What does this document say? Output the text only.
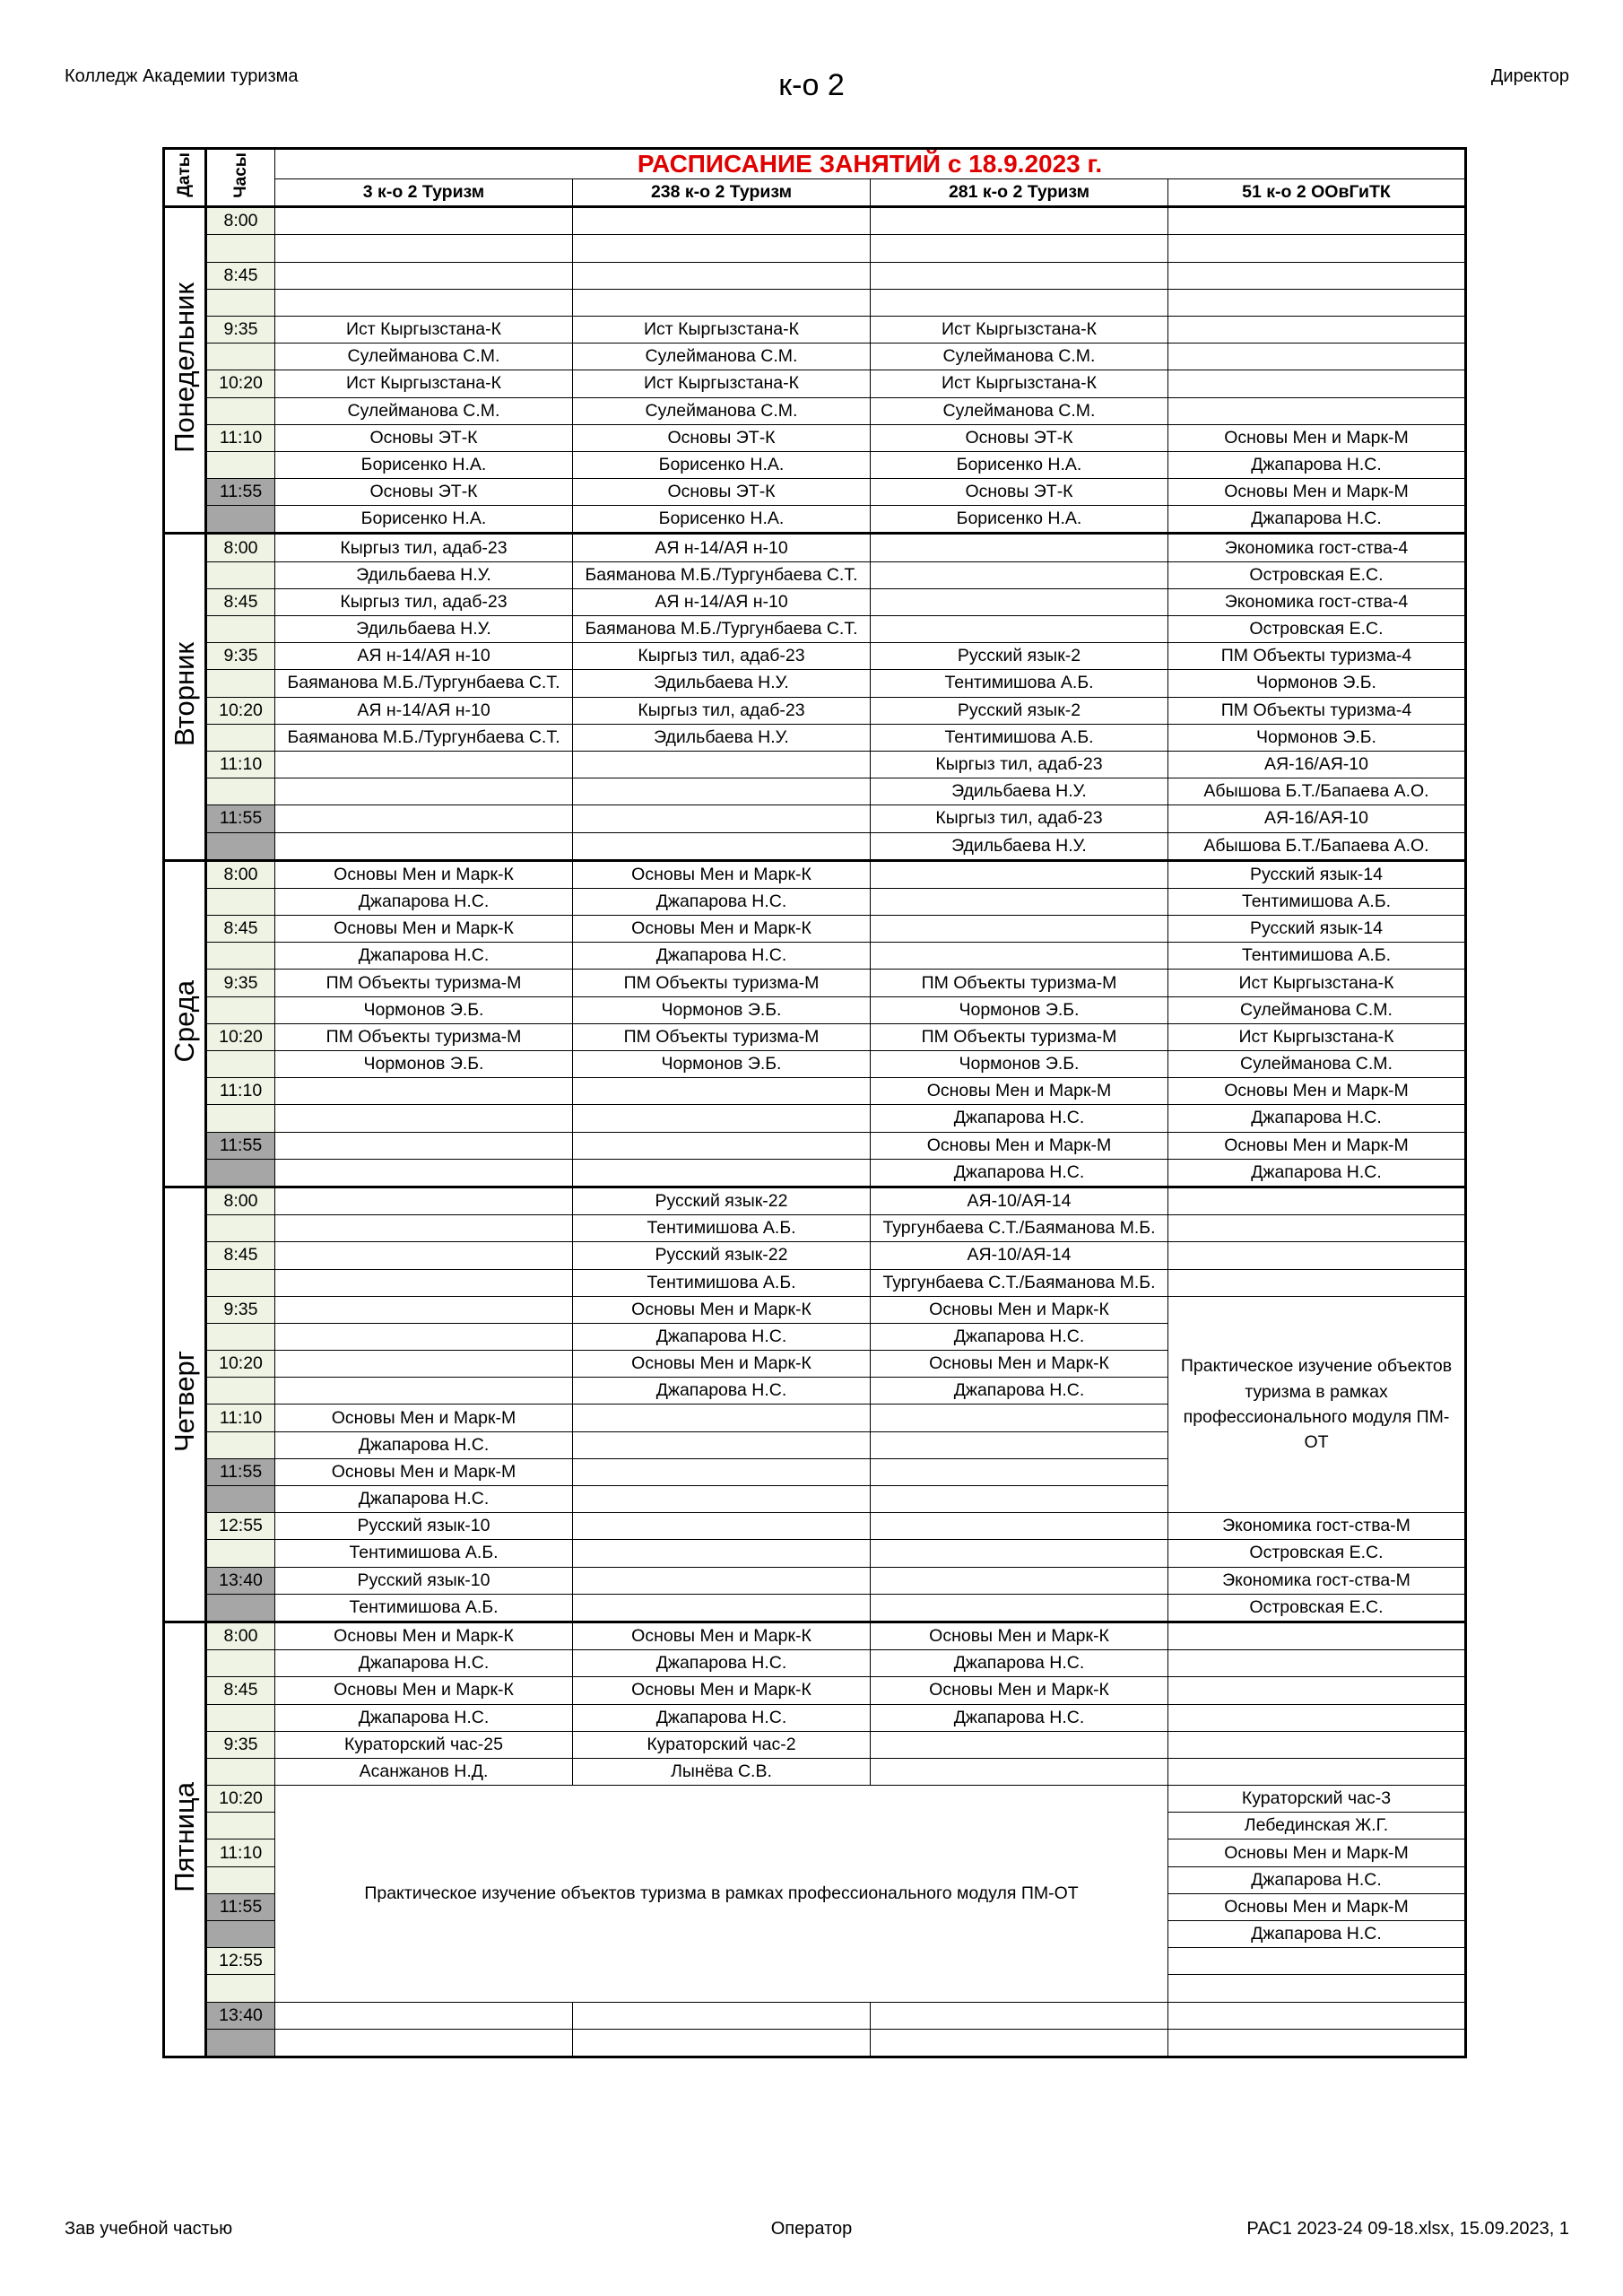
Колледж Академии туризма	к-о 2	Директор
Даты	Часы	РАСПИСАНИЕ ЗАНЯТИЙ с 18.9.2023 г.			
		3 к-о 2 Туризм	238 к-о 2 Туризм	281 к-о 2 Туризм	51 к-о 2 ООвГиТК
Понедельник	8:00				

	8:45				

	9:35	Ист Кыргызстана-К	Ист Кыргызстана-К	Ист Кыргызстана-К	
		Сулейманова С.М.	Сулейманова С.М.	Сулейманова С.М.	
	10:20	Ист Кыргызстана-К	Ист Кыргызстана-К	Ист Кыргызстана-К	
		Сулейманова С.М.	Сулейманова С.М.	Сулейманова С.М.	
	11:10	Основы ЭТ-К	Основы ЭТ-К	Основы ЭТ-К	Основы Мен и Марк-М
		Борисенко Н.А.	Борисенко Н.А.	Борисенко Н.А.	Джапарова Н.С.
	11:55	Основы ЭТ-К	Основы ЭТ-К	Основы ЭТ-К	Основы Мен и Марк-М
		Борисенко Н.А.	Борисенко Н.А.	Борисенко Н.А.	Джапарова Н.С.
Вторник	8:00	Кыргыз тил, адаб-23	АЯ н-14/АЯ н-10		Экономика гост-ства-4
		Эдильбаева Н.У.	Баяманова М.Б./Тургунбаева С.Т.		Островская Е.С.
	8:45	Кыргыз тил, адаб-23	АЯ н-14/АЯ н-10		Экономика гост-ства-4
		Эдильбаева Н.У.	Баяманова М.Б./Тургунбаева С.Т.		Островская Е.С.
	9:35	АЯ н-14/АЯ н-10	Кыргыз тил, адаб-23	Русский язык-2	ПМ Объекты туризма-4
		Баяманова М.Б./Тургунбаева С.Т.	Эдильбаева Н.У.	Тентимишова А.Б.	Чормонов Э.Б.
	10:20	АЯ н-14/АЯ н-10	Кыргыз тил, адаб-23	Русский язык-2	ПМ Объекты туризма-4
		Баяманова М.Б./Тургунбаева С.Т.	Эдильбаева Н.У.	Тентимишова А.Б.	Чормонов Э.Б.
	11:10			Кыргыз тил, адаб-23	АЯ-16/АЯ-10
				Эдильбаева Н.У.	Абышова Б.Т./Бапаева А.О.
	11:55			Кыргыз тил, адаб-23	АЯ-16/АЯ-10
				Эдильбаева Н.У.	Абышова Б.Т./Бапаева А.О.
Среда	8:00	Основы Мен и Марк-К	Основы Мен и Марк-К		Русский язык-14
		Джапарова Н.С.	Джапарова Н.С.		Тентимишова А.Б.
	8:45	Основы Мен и Марк-К	Основы Мен и Марк-К		Русский язык-14
		Джапарова Н.С.	Джапарова Н.С.		Тентимишова А.Б.
	9:35	ПМ Объекты туризма-М	ПМ Объекты туризма-М	ПМ Объекты туризма-М	Ист Кыргызстана-К
		Чормонов Э.Б.	Чормонов Э.Б.	Чормонов Э.Б.	Сулейманова С.М.
	10:20	ПМ Объекты туризма-М	ПМ Объекты туризма-М	ПМ Объекты туризма-М	Ист Кыргызстана-К
		Чормонов Э.Б.	Чормонов Э.Б.	Чормонов Э.Б.	Сулейманова С.М.
	11:10			Основы Мен и Марк-М	Основы Мен и Марк-М
				Джапарова Н.С.	Джапарова Н.С.
	11:55			Основы Мен и Марк-М	Основы Мен и Марк-М
				Джапарова Н.С.	Джапарова Н.С.
Четверг	8:00		Русский язык-22	АЯ-10/АЯ-14	
			Тентимишова А.Б.	Тургунбаева С.Т./Баяманова М.Б.	
	8:45		Русский язык-22	АЯ-10/АЯ-14	
			Тентимишова А.Б.	Тургунбаева С.Т./Баяманова М.Б.	
	9:35		Основы Мен и Марк-К	Основы Мен и Марк-К	Практическое изучение объектов туризма в рамках профессионального модуля ПМ-ОТ
			Джапарова Н.С.	Джапарова Н.С.	
	10:20		Основы Мен и Марк-К	Основы Мен и Марк-К	
			Джапарова Н.С.	Джапарова Н.С.	
	11:10	Основы Мен и Марк-М			
		Джапарова Н.С.			
	11:55	Основы Мен и Марк-М			
		Джапарова Н.С.			
	12:55	Русский язык-10			Экономика гост-ства-М
		Тентимишова А.Б.			Островская Е.С.
	13:40	Русский язык-10			Экономика гост-ства-М
		Тентимишова А.Б.			Островская Е.С.
Пятница	8:00	Основы Мен и Марк-К	Основы Мен и Марк-К	Основы Мен и Марк-К	
		Джапарова Н.С.	Джапарова Н.С.	Джапарова Н.С.	
	8:45	Основы Мен и Марк-К	Основы Мен и Марк-К	Основы Мен и Марк-К	
		Джапарова Н.С.	Джапарова Н.С.	Джапарова Н.С.	
	9:35	Кураторский час-25	Кураторский час-2		
		Асанжанов Н.Д.	Лынёва С.В.		
	10:20	Практическое изучение объектов туризма в рамках профессионального модуля ПМ-ОТ			Кураторский час-3
					Лебединская Ж.Г.
	11:10				Основы Мен и Марк-М
					Джапарова Н.С.
	11:55				Основы Мен и Марк-М
					Джапарова Н.С.
	12:55				

	13:40				

Зав учебной частью	Оператор	РАС1 2023-24 09-18.xlsx, 15.09.2023, 1
